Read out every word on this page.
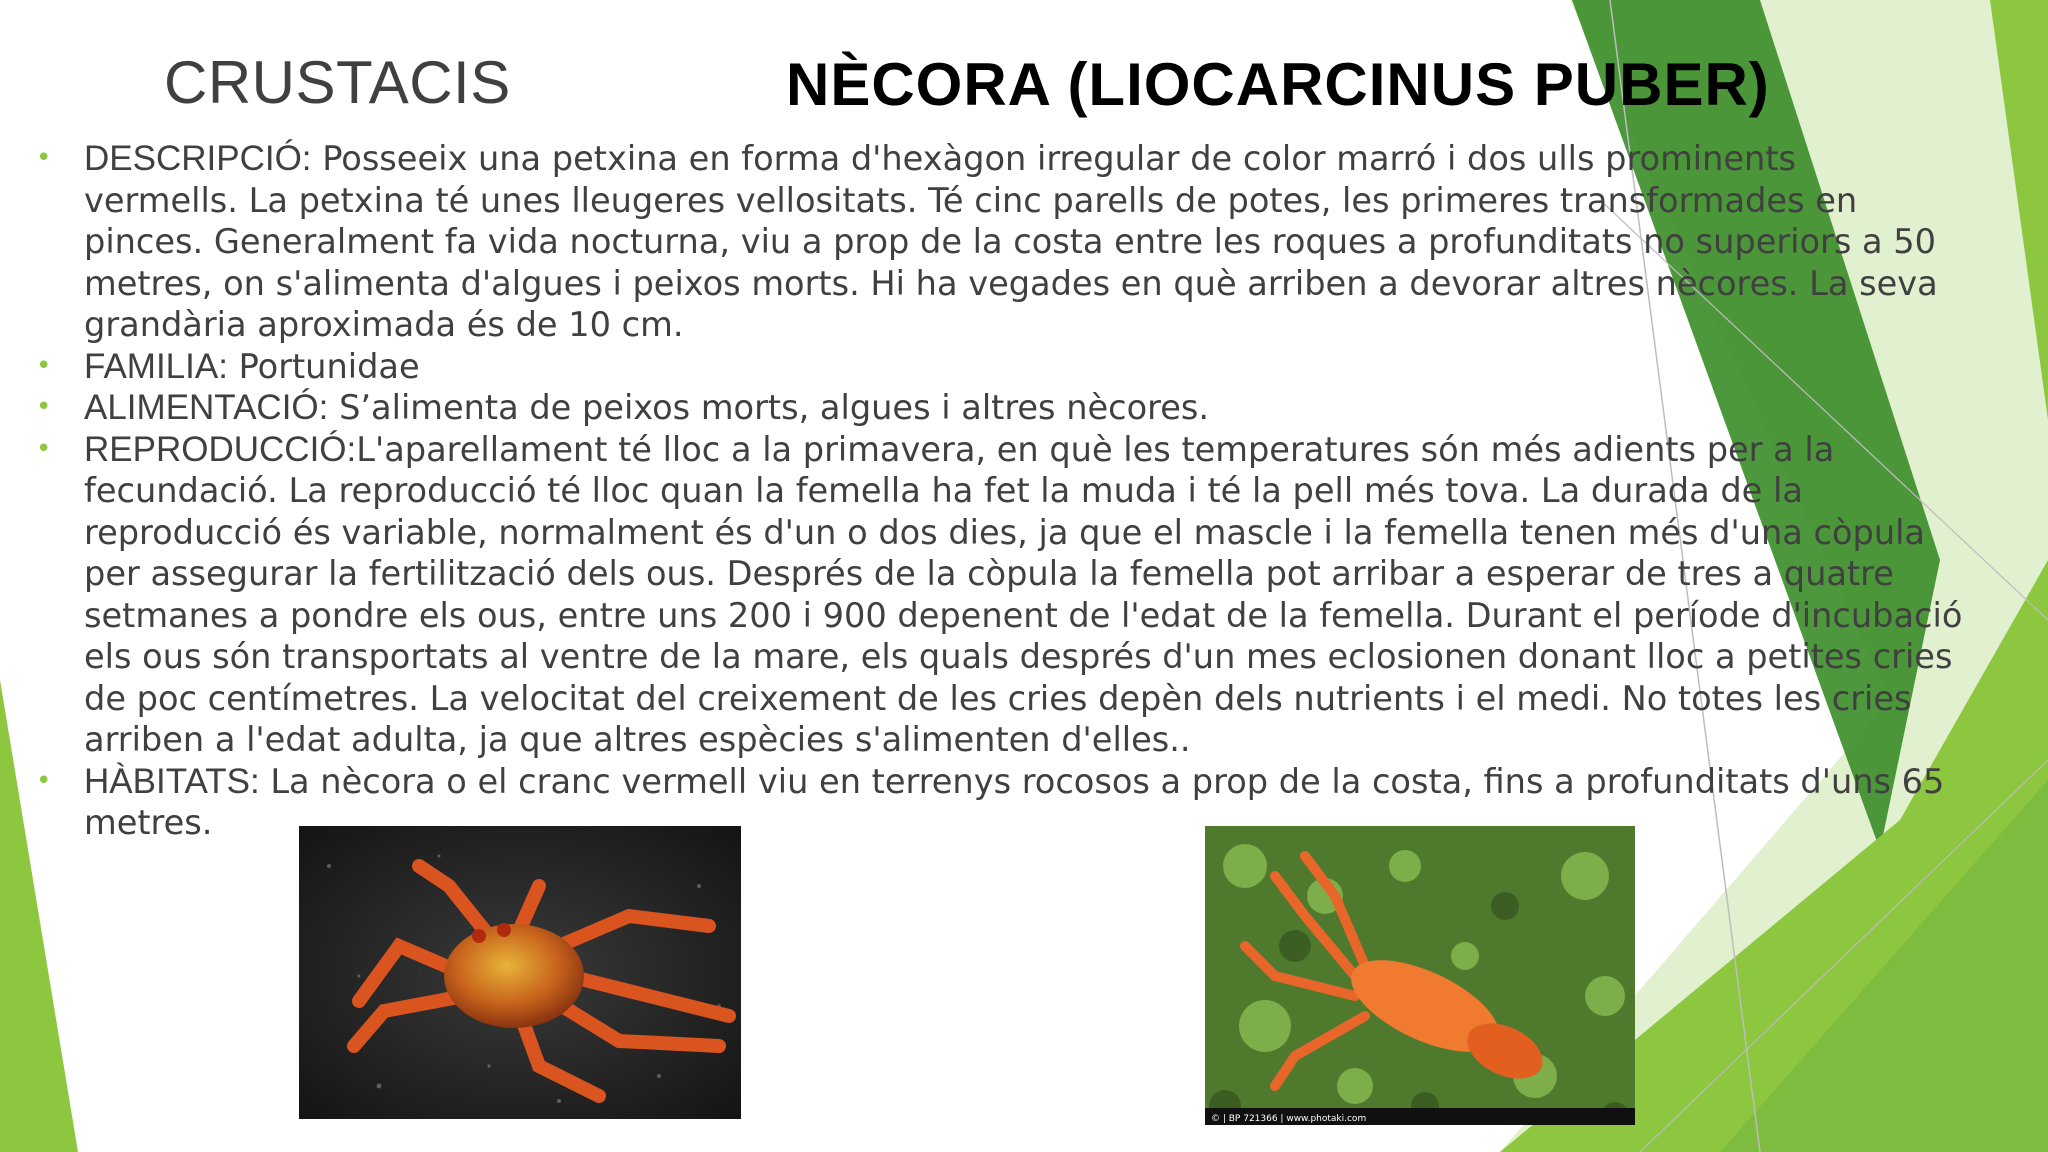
CRUSTACIS	NÈCORA (LIOCARCINUS PUBER)
• DESCRIPCIÓ: Posseeix una petxina en forma d'hexàgon irregular de color marró i dos ulls prominents
vermells. La petxina té unes lleugeres vellositats. Té cinc parells de potes, les primeres transformades en
pinces. Generalment fa vida nocturna, viu a prop de la costa entre les roques a profunditats no superiors a 50
metres, on s'alimenta d'algues i peixos morts. Hi ha vegades en què arriben a devorar altres nècores. La seva
grandària aproximada és de 10 cm.
• FAMILIA: Portunidae
• ALIMENTACIÓ: S’alimenta de peixos morts, algues i altres nècores.
• REPRODUCCIÓ:L'aparellament té lloc a la primavera, en què les temperatures són més adients per a la
fecundació. La reproducció té lloc quan la femella ha fet la muda i té la pell més tova. La durada de la
reproducció és variable, normalment és d'un o dos dies, ja que el mascle i la femella tenen més d'una còpula
per assegurar la fertilització dels ous. Després de la còpula la femella pot arribar a esperar de tres a quatre
setmanes a pondre els ous, entre uns 200 i 900 depenent de l'edat de la femella. Durant el període d'incubació
els ous són transportats al ventre de la mare, els quals després d'un mes eclosionen donant lloc a petites cries
de poc centímetres. La velocitat del creixement de les cries depèn dels nutrients i el medi. No totes les cries
arriben a l'edat adulta, ja que altres espècies s'alimenten d'elles..
• HÀBITATS: La nècora o el cranc vermell viu en terrenys rocosos a prop de la costa, fins a profunditats d'uns 65
metres.
© | BP 721366 | www.photaki.com
